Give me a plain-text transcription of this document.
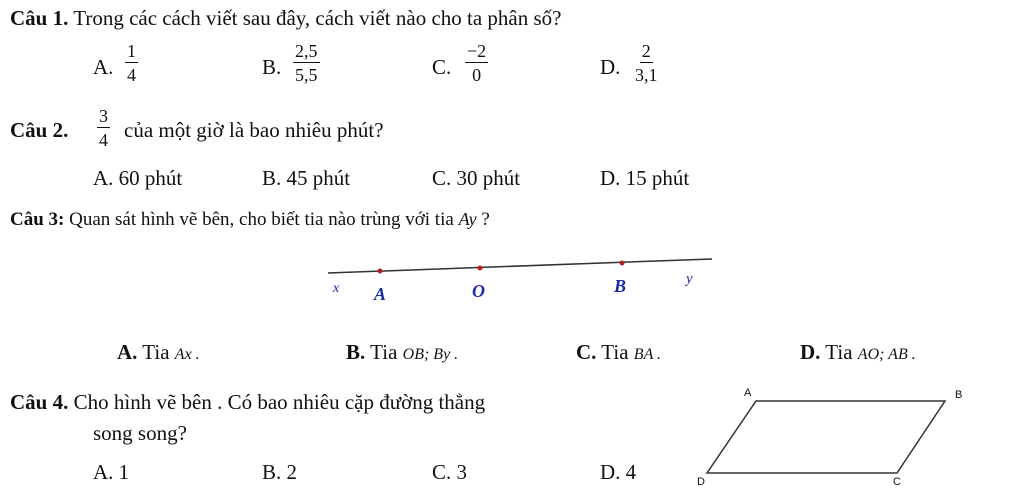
Câu 1. Trong các cách viết sau đây, cách viết nào cho ta phân số?
A. $\frac{1}{4}$	B. $\frac{2,5}{5,5}$	C. $\frac{-2}{0}$	D. $\frac{2}{3,1}$
Câu 2. $\frac{3}{4}$ của một giờ là bao nhiêu phút?
A. 60 phút	B. 45 phút	C. 30 phút	D. 15 phút
Câu 3: Quan sát hình vẽ bên, cho biết tia nào trùng với tia Ay ?
x A	O	B	y
A. Tia Ax .	B. Tia OB; By .	C. Tia BA .	D. Tia AO; AB .
Câu 4. Cho hình vẽ bên . Có bao nhiêu cặp đường thẳng
song song?
A. 1	B. 2	C. 3	D. 4
A	B
C
D
